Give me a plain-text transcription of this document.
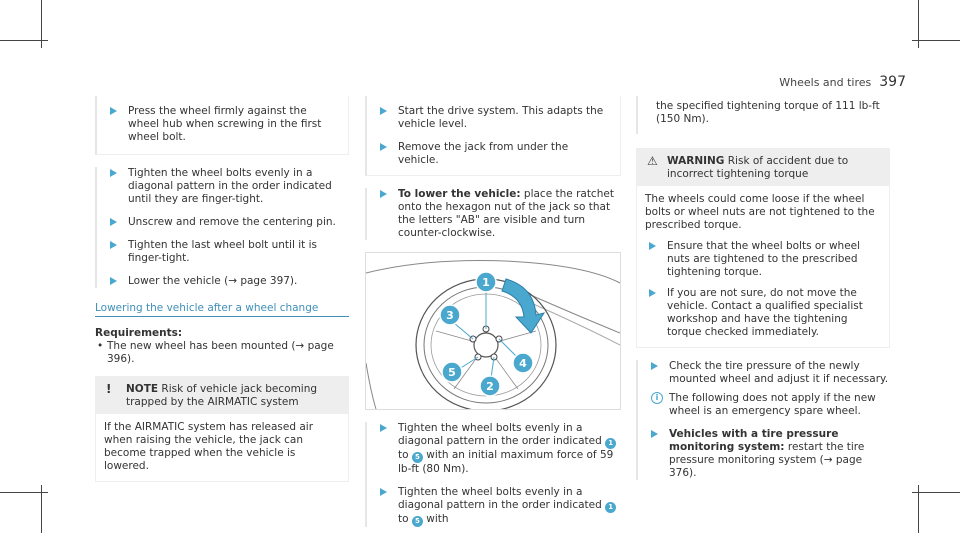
Wheels and tires 397
Press the wheel firmly against the wheel hub when screwing in the first wheel bolt.
Tighten the wheel bolts evenly in a diagonal pattern in the order indicated until they are finger-tight.
Unscrew and remove the centering pin.
Tighten the last wheel bolt until it is finger-tight.
Lower the vehicle (→ page 397).
Lowering the vehicle after a wheel change
Requirements:
• The new wheel has been mounted (→ page 396).
! NOTE Risk of vehicle jack becoming trapped by the AIRMATIC system
If the AIRMATIC system has released air when raising the vehicle, the jack can become trapped when the vehicle is lowered.
Start the drive system. This adapts the vehicle level.
Remove the jack from under the vehicle.
To lower the vehicle: place the ratchet onto the hexagon nut of the jack so that the letters "AB" are visible and turn counter-clockwise.
1
2
3
4
5
Tighten the wheel bolts evenly in a diagonal pattern in the order indicated 1 to 5 with an initial maximum force of 59 lb-ft (80 Nm).
Tighten the wheel bolts evenly in a diagonal pattern in the order indicated 1 to 5 with
the specified tightening torque of 111 lb-ft (150 Nm).
⚠ WARNING Risk of accident due to incorrect tightening torque
The wheels could come loose if the wheel bolts or wheel nuts are not tightened to the prescribed torque.
Ensure that the wheel bolts or wheel nuts are tightened to the prescribed tightening torque.
If you are not sure, do not move the vehicle. Contact a qualified specialist workshop and have the tightening torque checked immediately.
Check the tire pressure of the newly mounted wheel and adjust it if necessary.
i	The following does not apply if the new wheel is an emergency spare wheel.
Vehicles with a tire pressure monitoring system: restart the tire pressure monitoring system (→ page 376).
